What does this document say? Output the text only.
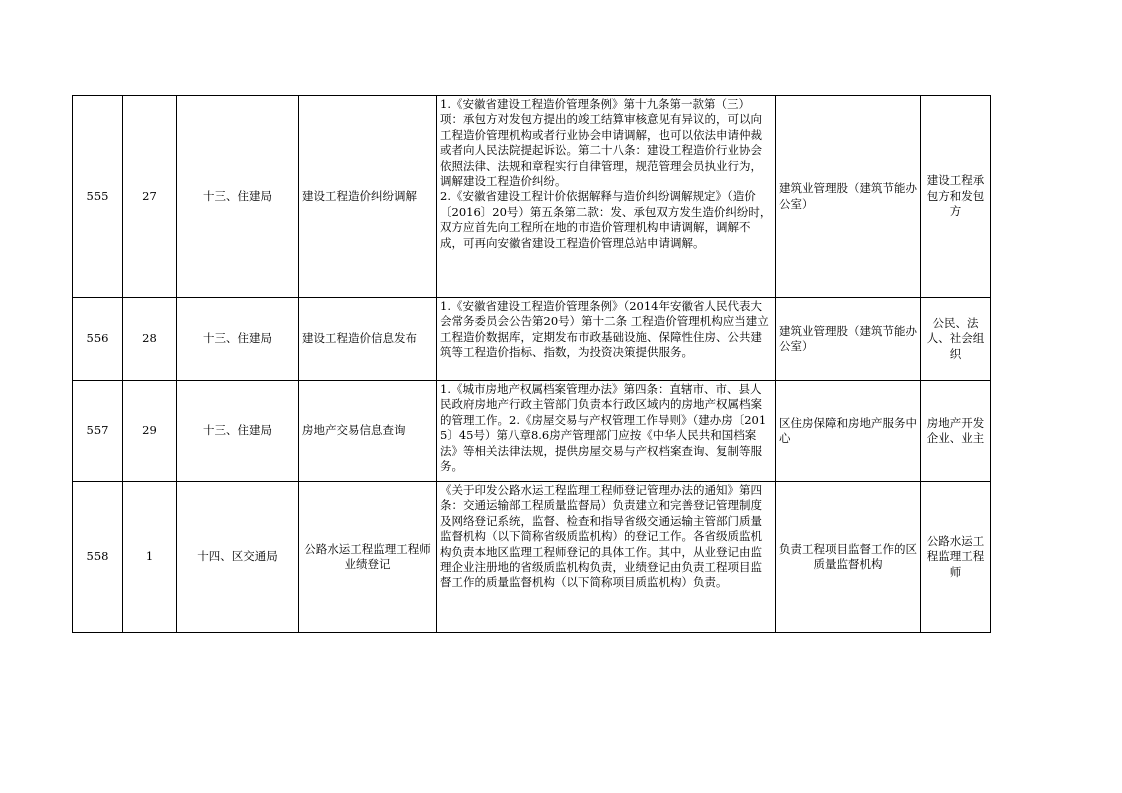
555	27	十三、住建局	建设工程造价纠纷调解	1.《安徽省建设工程造价管理条例》第十九条第一款第（三）项：承包方对发包方提出的竣工结算审核意见有异议的，可以向工程造价管理机构或者行业协会申请调解，也可以依法申请仲裁或者向人民法院提起诉讼。第二十八条：建设工程造价行业协会依照法律、法规和章程实行自律管理，规范管理会员执业行为，调解建设工程造价纠纷。
2.《安徽省建设工程计价依据解释与造价纠纷调解规定》（造价〔2016〕20号）第五条第二款：发、承包双方发生造价纠纷时，双方应首先向工程所在地的市造价管理机构申请调解，调解不成，可再向安徽省建设工程造价管理总站申请调解。	建筑业管理股（建筑节能办公室）	建设工程承包方和发包方
556	28	十三、住建局	建设工程造价信息发布	1.《安徽省建设工程造价管理条例》（2014年安徽省人民代表大会常务委员会公告第20号）第十二条 工程造价管理机构应当建立工程造价数据库，定期发布市政基础设施、保障性住房、公共建筑等工程造价指标、指数，为投资决策提供服务。	建筑业管理股（建筑节能办公室）	公民、法人、社会组织
557	29	十三、住建局	房地产交易信息查询	1.《城市房地产权属档案管理办法》第四条：直辖市、市、县人民政府房地产行政主管部门负责本行政区域内的房地产权属档案的管理工作。2.《房屋交易与产权管理工作导则》（建办房〔2015〕45号）第八章8.6房产管理部门应按《中华人民共和国档案法》等相关法律法规，提供房屋交易与产权档案查询、复制等服务。	区住房保障和房地产服务中心	房地产开发企业、业主
558	1	十四、区交通局	公路水运工程监理工程师业绩登记	《关于印发公路水运工程监理工程师登记管理办法的通知》第四条：交通运输部工程质量监督局）负责建立和完善登记管理制度及网络登记系统，监督、检查和指导省级交通运输主管部门质量监督机构（以下简称省级质监机构）的登记工作。各省级质监机构负责本地区监理工程师登记的具体工作。其中，从业登记由监理企业注册地的省级质监机构负责，业绩登记由负责工程项目监督工作的质量监督机构（以下简称项目质监机构）负责。	负责工程项目监督工作的区质量监督机构	公路水运工程监理工程师
